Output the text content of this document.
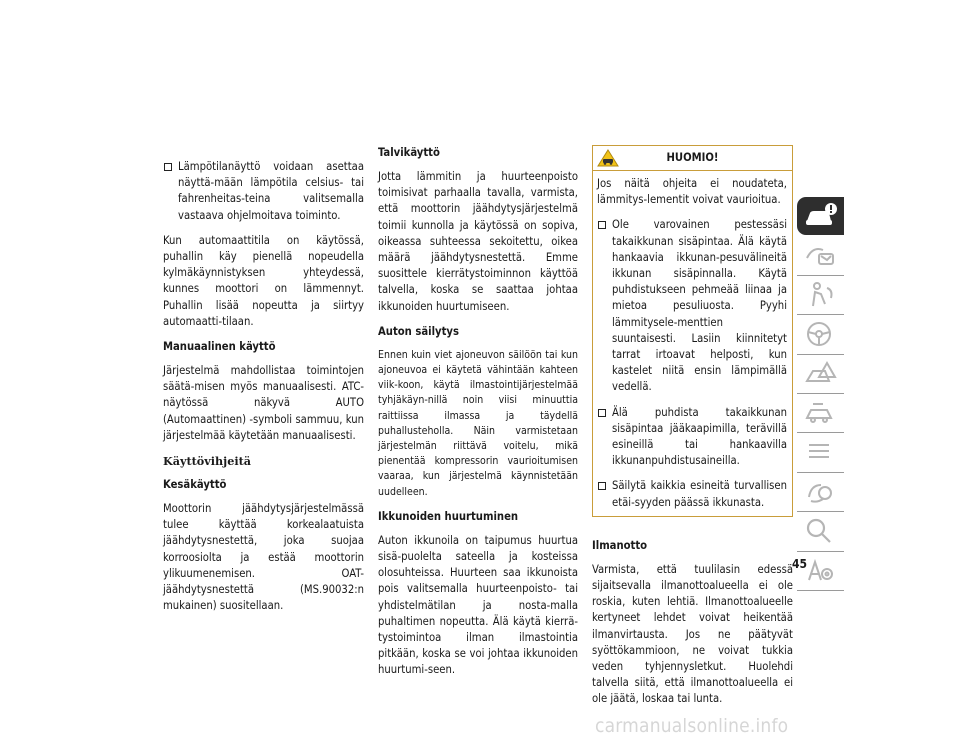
Lämpötilanäyttö voidaan asettaa näyttä-mään lämpötila celsius- tai fahrenheitas-teina valitsemalla vastaava ohjelmoitava toiminto.

Kun automaattitila on käytössä, puhallin käy pienellä nopeudella kylmäkäynnistyksen yhteydessä, kunnes moottori on lämmennyt. Puhallin lisää nopeutta ja siirtyy automaatti-tilaan.

Manuaalinen käyttö

Järjestelmä mahdollistaa toimintojen säätä-misen myös manuaalisesti. ATC-näytössä näkyvä AUTO (Automaattinen) -symboli sammuu, kun järjestelmää käytetään manuaalisesti.

Käyttövihjeitä
Kesäkäyttö

Moottorin jäähdytysjärjestelmässä tulee käyttää korkealaatuista jäähdytysnestettä, joka suojaa korroosiolta ja estää moottorin ylikuumenemisen. OAT-jäähdytysnestettä (MS.90032:n mukainen) suositellaan.

Talvikäyttö

Jotta lämmitin ja huurteenpoisto toimisivat parhaalla tavalla, varmista, että moottorin jäähdytysjärjestelmä toimii kunnolla ja käytössä on sopiva, oikeassa suhteessa sekoitettu, oikea määrä jäähdytysnestettä. Emme suosittele kierrätystoiminnon käyttöä talvella, koska se saattaa johtaa ikkunoiden huurtumiseen.

Auton säilytys

Ennen kuin viet ajoneuvon säilöön tai kun ajoneuvoa ei käytetä vähintään kahteen viik-koon, käytä ilmastointijärjestelmää tyhjäkäyn-nillä noin viisi minuuttia raittiissa ilmassa ja täydellä puhallusteholla. Näin varmistetaan järjestelmän riittävä voitelu, mikä pienentää kompressorin vaurioitumisen vaaraa, kun järjestelmä käynnistetään uudelleen.

Ikkunoiden huurtuminen

Auton ikkunoila on taipumus huurtua sisä-puolelta sateella ja kosteissa olosuhteissa. Huurteen saa ikkunoista pois valitsemalla huurteenpoisto- tai yhdistelmätilan ja nosta-malla puhaltimen nopeutta. Älä käytä kierrä-tystoimintoa ilman ilmastointia pitkään, koska se voi johtaa ikkunoiden huurtumi-seen.

HUOMIO!

Jos näitä ohjeita ei noudateta, lämmitys-lementit voivat vaurioitua.

Ole varovainen pestessäsi takaikkunan sisäpintaa. Älä käytä hankaavia ikkunan-pesuvälineitä ikkunan sisäpinnalla. Käytä puhdistukseen pehmeää liinaa ja mietoa pesuliuosta. Pyyhi lämmitysele-menttien suuntaisesti. Lasiin kiinnitetyt tarrat irtoavat helposti, kun kastelet niitä ensin lämpimällä vedellä.
Älä puhdista takaikkunan sisäpintaa jääkaapimilla, terävillä esineillä tai hankaavilla ikkunanpuhdistusaineilla.
Säilytä kaikkia esineitä turvallisen etäi-syyden päässä ikkunasta.
Ilmanotto

Varmista, että tuulilasin edessä sijaitsevalla ilmanottoalueella ei ole roskia, kuten lehtiä. Ilmanottoalueelle kertyneet lehdet voivat heikentää ilmanvirtausta. Jos ne päätyvät syöttökammioon, ne voivat tukkia veden tyhjennysletkut. Huolehdi talvella siitä, että ilmanottoalueella ei ole jäätä, loskaa tai lunta.

45
carmanualsonline.info
